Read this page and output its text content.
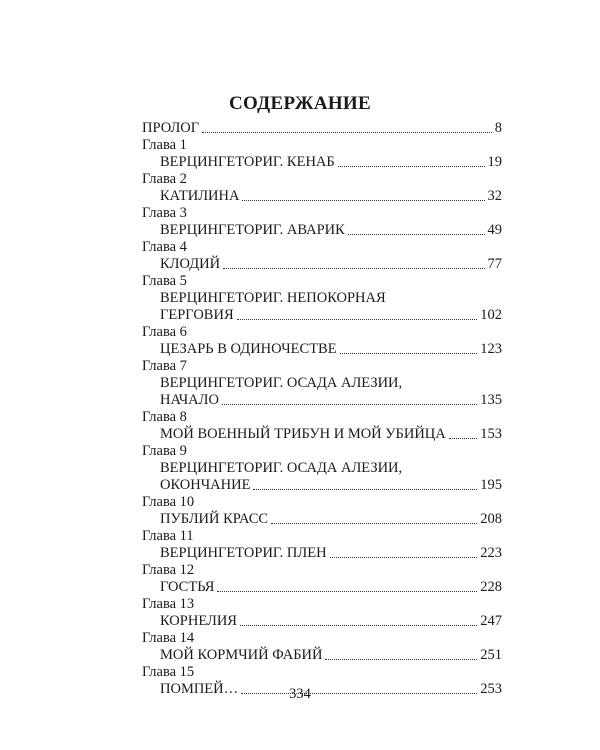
СОДЕРЖАНИЕ
ПРОЛОГ	8
Глава 1
ВЕРЦИНГЕТОРИГ. КЕНАБ	19
Глава 2
КАТИЛИНА	32
Глава 3
ВЕРЦИНГЕТОРИГ. АВАРИК	49
Глава 4
КЛОДИЙ	77
Глава 5
ВЕРЦИНГЕТОРИГ. НЕПОКОРНАЯ
ГЕРГОВИЯ	102
Глава 6
ЦЕЗАРЬ В ОДИНОЧЕСТВЕ	123
Глава 7
ВЕРЦИНГЕТОРИГ. ОСАДА АЛЕЗИИ,
НАЧАЛО	135
Глава 8
МОЙ ВОЕННЫЙ ТРИБУН И МОЙ УБИЙЦА 153
Глава 9
ВЕРЦИНГЕТОРИГ. ОСАДА АЛЕЗИИ,
ОКОНЧАНИЕ	195
Глава 10
ПУБЛИЙ КРАСС	208
Глава 11
ВЕРЦИНГЕТОРИГ. ПЛЕН	223
Глава 12
ГОСТЬЯ	228
Глава 13
КОРНЕЛИЯ	247
Глава 14
МОЙ КОРМЧИЙ ФАБИЙ	251
Глава 15
ПОМПЕЙ…	253
334
